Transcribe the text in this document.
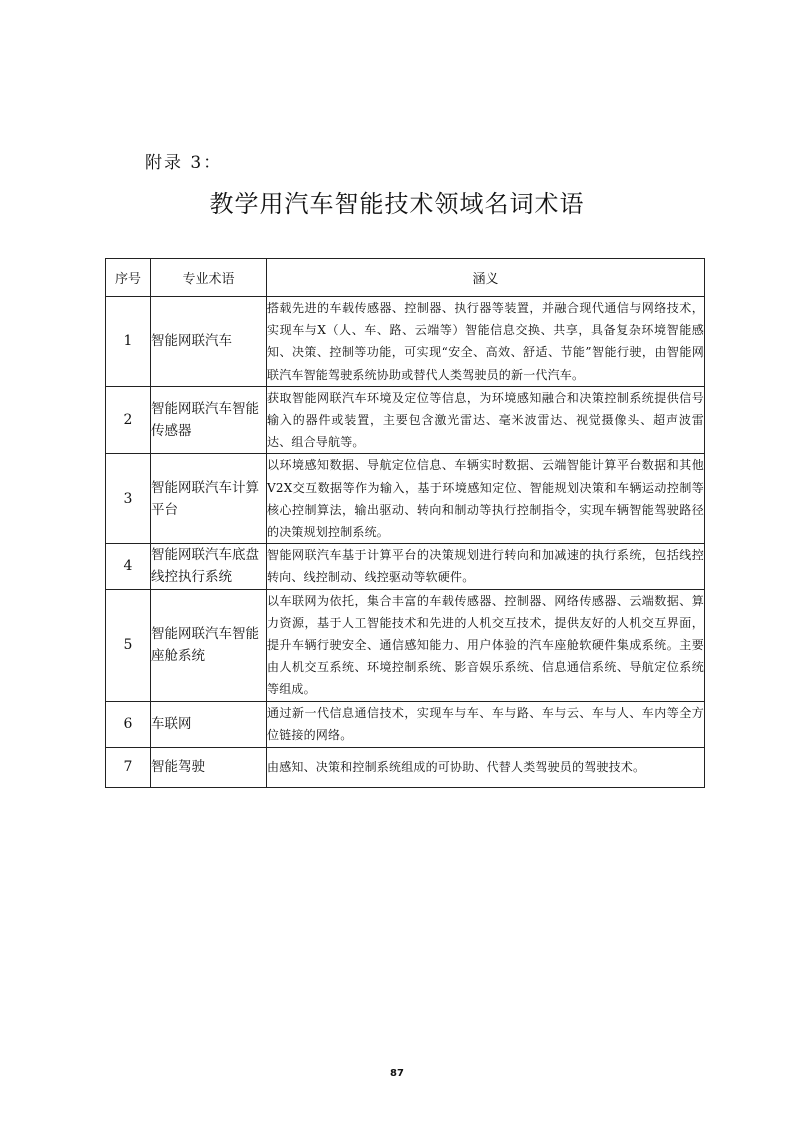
附录 3：
教学用汽车智能技术领域名词术语
序号	专业术语	涵义
1	智能网联汽车	搭载先进的车载传感器、控制器、执行器等装置，并融合现代通信与网络技术，实现车与X（人、车、路、云端等）智能信息交换、共享，具备复杂环境智能感知、决策、控制等功能，可实现“安全、高效、舒适、节能”智能行驶，由智能网联汽车智能驾驶系统协助或替代人类驾驶员的新一代汽车。
2	智能网联汽车智能传感器	获取智能网联汽车环境及定位等信息，为环境感知融合和决策控制系统提供信号输入的器件或装置，主要包含激光雷达、毫米波雷达、视觉摄像头、超声波雷达、组合导航等。
3	智能网联汽车计算平台	以环境感知数据、导航定位信息、车辆实时数据、云端智能计算平台数据和其他V2X交互数据等作为输入，基于环境感知定位、智能规划决策和车辆运动控制等核心控制算法，输出驱动、转向和制动等执行控制指令，实现车辆智能驾驶路径的决策规划控制系统。
4	智能网联汽车底盘线控执行系统	智能网联汽车基于计算平台的决策规划进行转向和加减速的执行系统，包括线控转向、线控制动、线控驱动等软硬件。
5	智能网联汽车智能座舱系统	以车联网为依托，集合丰富的车载传感器、控制器、网络传感器、云端数据、算力资源，基于人工智能技术和先进的人机交互技术，提供友好的人机交互界面，提升车辆行驶安全、通信感知能力、用户体验的汽车座舱软硬件集成系统。主要由人机交互系统、环境控制系统、影音娱乐系统、信息通信系统、导航定位系统等组成。
6	车联网	通过新一代信息通信技术，实现车与车、车与路、车与云、车与人、车内等全方位链接的网络。
7	智能驾驶	由感知、决策和控制系统组成的可协助、代替人类驾驶员的驾驶技术。
87
